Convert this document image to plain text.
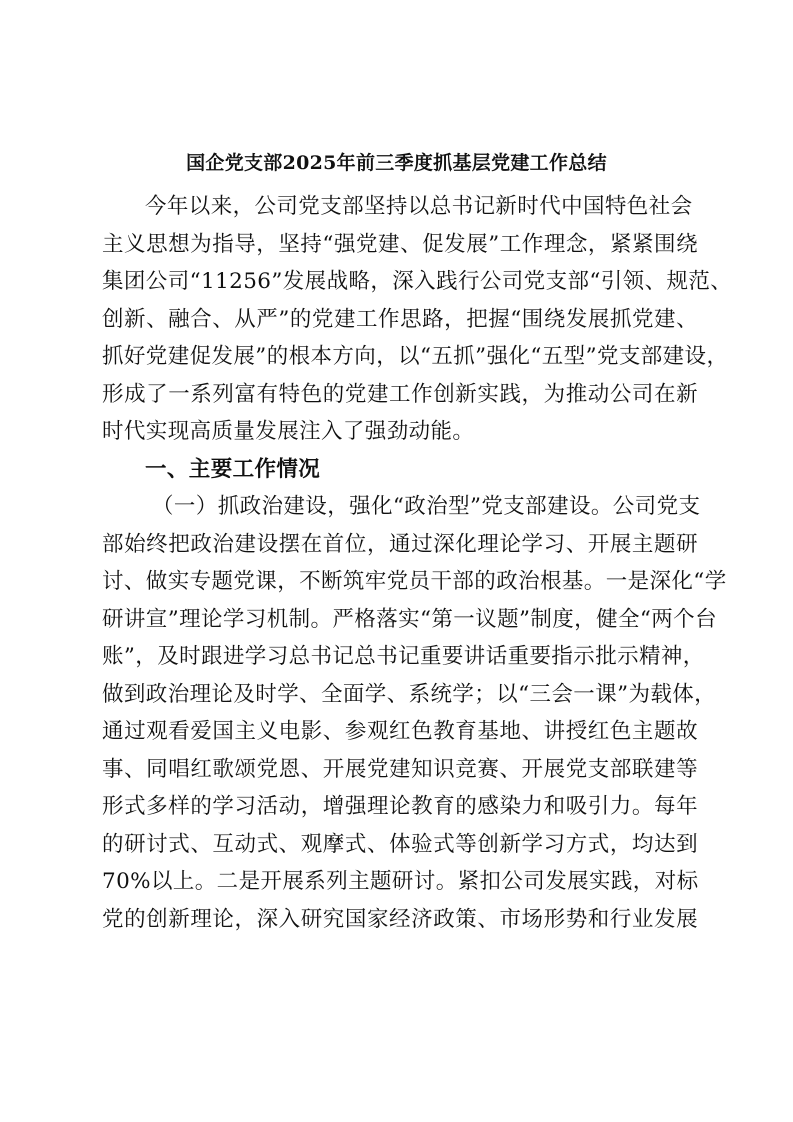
国企党支部2025年前三季度抓基层党建工作总结
今年以来，公司党支部坚持以总书记新时代中国特色社会
主义思想为指导，坚持“强党建、促发展”工作理念，紧紧围绕
集团公司“11256”发展战略，深入践行公司党支部“引领、规范、
创新、融合、从严”的党建工作思路，把握“围绕发展抓党建、
抓好党建促发展”的根本方向，以“五抓”强化“五型”党支部建设，
形成了一系列富有特色的党建工作创新实践，为推动公司在新
时代实现高质量发展注入了强劲动能。
一、主要工作情况
（一）抓政治建设，强化“政治型”党支部建设。公司党支
部始终把政治建设摆在首位，通过深化理论学习、开展主题研
讨、做实专题党课，不断筑牢党员干部的政治根基。一是深化“学
研讲宣”理论学习机制。严格落实“第一议题”制度，健全“两个台
账”，及时跟进学习总书记总书记重要讲话重要指示批示精神，
做到政治理论及时学、全面学、系统学；以“三会一课”为载体，
通过观看爱国主义电影、参观红色教育基地、讲授红色主题故
事、同唱红歌颂党恩、开展党建知识竞赛、开展党支部联建等
形式多样的学习活动，增强理论教育的感染力和吸引力。每年
的研讨式、互动式、观摩式、体验式等创新学习方式，均达到
70%以上。二是开展系列主题研讨。紧扣公司发展实践，对标
党的创新理论，深入研究国家经济政策、市场形势和行业发展
